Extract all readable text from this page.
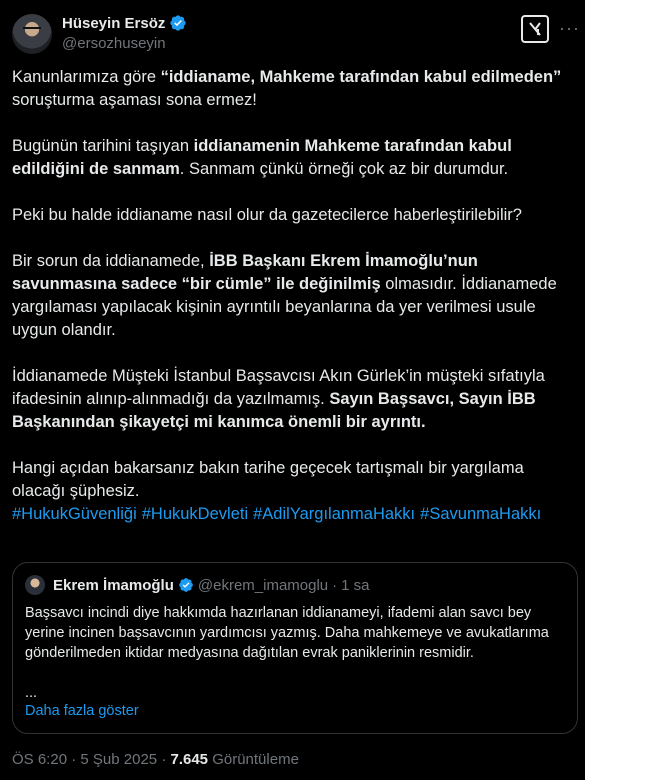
Hüseyin Ersöz
@ersozhuseyin
···

Kanunlarımıza göre “iddianame, Mahkeme tarafından kabul edilmeden” soruşturma aşaması sona ermez!

Bugünün tarihini taşıyan iddianamenin Mahkeme tarafından kabul edildiğini de sanmam. Sanmam çünkü örneği çok az bir durumdur.

Peki bu halde iddianame nasıl olur da gazetecilerce haberleştirilebilir?

Bir sorun da iddianamede, İBB Başkanı Ekrem İmamoğlu’nun savunmasına sadece “bir cümle” ile değinilmiş olmasıdır. İddianamede yargılaması yapılacak kişinin ayrıntılı beyanlarına da yer verilmesi usule uygun olandır.

İddianamede Müşteki İstanbul Başsavcısı Akın Gürlek’in müşteki sıfatıyla ifadesinin alınıp-alınmadığı da yazılmamış. Sayın Başsavcı, Sayın İBB Başkanından şikayetçi mi kanımca önemli bir ayrıntı.

Hangi açıdan bakarsanız bakın tarihe geçecek tartışmalı bir yargılama olacağı şüphesiz.

#HukukGüvenliği #HukukDevleti #AdilYargılanmaHakkı #SavunmaHakkı

Ekrem İmamoğlu @ekrem_imamoglu · 1 sa
Başsavcı incindi diye hakkımda hazırlanan iddianameyi, ifademi alan savcı bey yerine incinen başsavcının yardımcısı yazmış. Daha mahkemeye ve avukatlarıma gönderilmeden iktidar medyasına dağıtılan evrak paniklerinin resmidir.
...
Daha fazla göster
ÖS 6:20 · 5 Şub 2025 · 7.645 Görüntüleme
